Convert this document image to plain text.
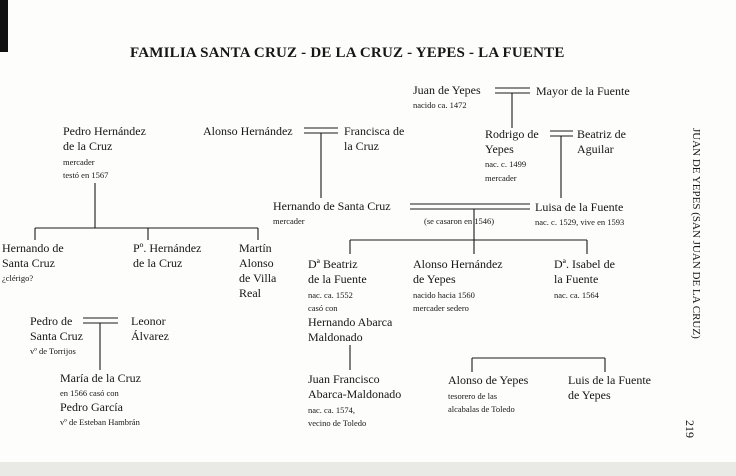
FAMILIA SANTA CRUZ - DE LA CRUZ - YEPES - LA FUENTE
Juan de Yepes
nacido ca. 1472
Mayor de la Fuente
Pedro Hernández
de la Cruz
mercader
testó en 1567
Alonso Hernández	Francisca de
la Cruz
Rodrigo de
Yepes
nac. c. 1499
mercader
Beatriz de
Aguilar
Hernando de Santa Cruz
mercader	(se casaron en 1546)
Luisa de la Fuente
nac. c. 1529, vive en 1593
Hernando de
Santa Cruz
¿clérigo?
Pº. Hernández
de la Cruz
Martín
Alonso
de Villa
Real
Dª Beatriz
de la Fuente
nac. ca. 1552
casó con
Hernando Abarca
Maldonado
Alonso Hernández
de Yepes
nacido hacia 1560
mercader sedero
Dª. Isabel de
la Fuente
nac. ca. 1564
Pedro de
Santa Cruz
vº de Torrijos
Leonor
Álvarez
María de la Cruz
en 1566 casó con
Pedro García
vº de Esteban Hambrán
Juan Francisco
Abarca-Maldonado
nac. ca. 1574,
vecino de Toledo
Alonso de Yepes
tesorero de las
alcabalas de Toledo
Luis de la Fuente
de Yepes
JUAN DE YEPES (SAN JUAN DE LA CRUZ)
219
